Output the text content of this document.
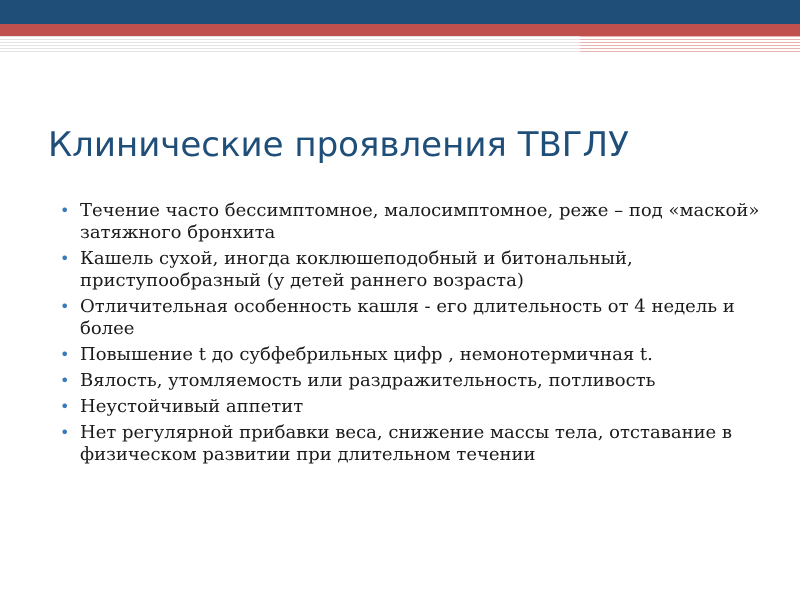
Клинические проявления ТВГЛУ
• Течение часто бессимптомное, малосимптомное, реже – под «маской» затяжного бронхита
• Кашель сухой, иногда коклюшеподобный и битональный, приступообразный (у детей раннего возраста)
• Отличительная особенность кашля - его длительность от 4 недель и более
• Повышение t до субфебрильных цифр , немонотермичная t.
• Вялость, утомляемость или раздражительность, потливость
• Неустойчивый аппетит
• Нет регулярной прибавки веса, снижение массы тела, отставание в физическом развитии при длительном течении
